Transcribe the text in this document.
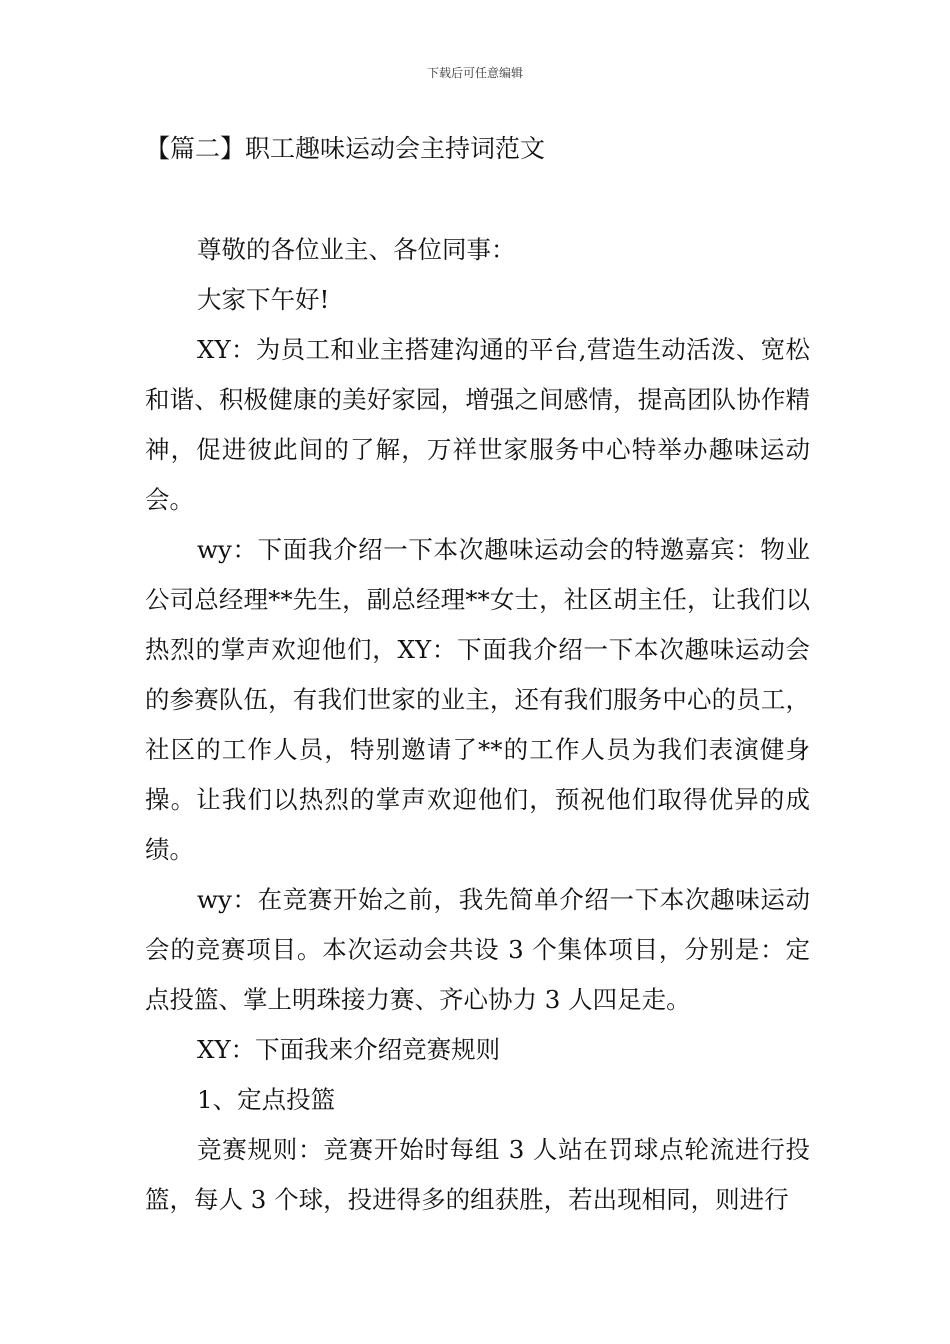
下载后可任意编辑
【篇二】职工趣味运动会主持词范文

尊敬的各位业主、各位同事：

大家下午好!

XY：为员工和业主搭建沟通的平台,营造生动活泼、宽松和谐、积极健康的美好家园，增强之间感情，提高团队协作精神，促进彼此间的了解，万祥世家服务中心特举办趣味运动会。

wy：下面我介绍一下本次趣味运动会的特邀嘉宾：物业公司总经理**先生，副总经理**女士，社区胡主任，让我们以热烈的掌声欢迎他们，XY：下面我介绍一下本次趣味运动会的参赛队伍，有我们世家的业主，还有我们服务中心的员工，社区的工作人员，特别邀请了**的工作人员为我们表演健身操。让我们以热烈的掌声欢迎他们，预祝他们取得优异的成绩。

wy：在竞赛开始之前，我先简单介绍一下本次趣味运动会的竞赛项目。本次运动会共设 3 个集体项目，分别是：定点投篮、掌上明珠接力赛、齐心协力 3 人四足走。

XY：下面我来介绍竞赛规则

1、定点投篮

竞赛规则：竞赛开始时每组 3 人站在罚球点轮流进行投篮，每人 3 个球，投进得多的组获胜，若出现相同，则进行
